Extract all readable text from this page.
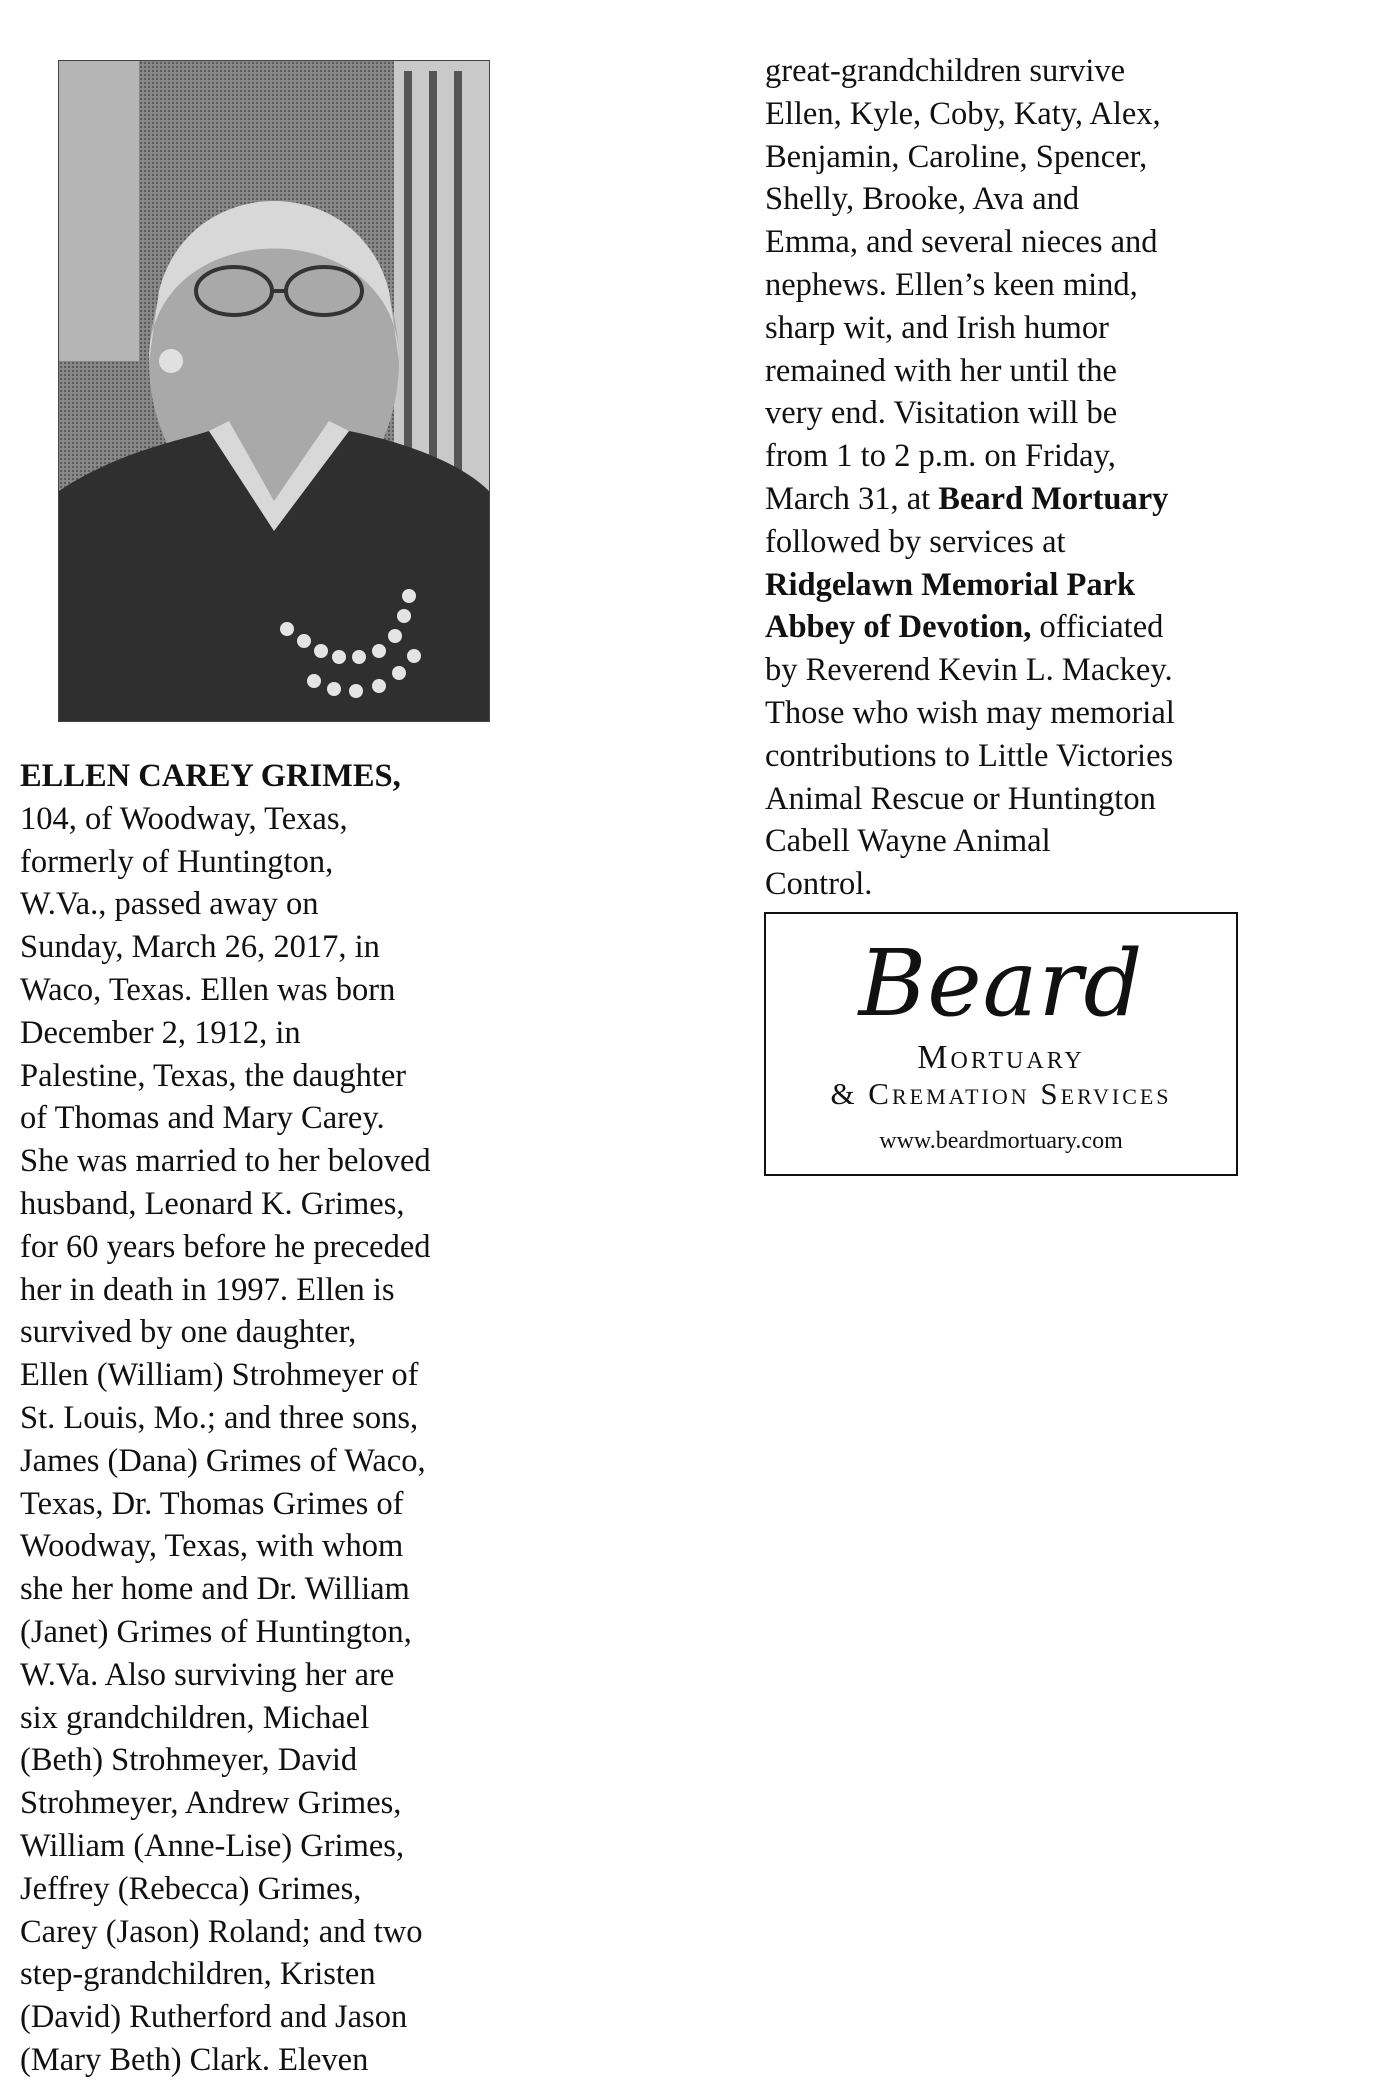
ELLEN CAREY GRIMES,
104, of Woodway, Texas,
formerly of Huntington,
W.Va., passed away on
Sunday, March 26, 2017, in
Waco, Texas. Ellen was born
December 2, 1912, in
Palestine, Texas, the daughter
of Thomas and Mary Carey.
She was married to her beloved
husband, Leonard K. Grimes,
for 60 years before he preceded
her in death in 1997. Ellen is
survived by one daughter,
Ellen (William) Strohmeyer of
St. Louis, Mo.; and three sons,
James (Dana) Grimes of Waco,
Texas, Dr. Thomas Grimes of
Woodway, Texas, with whom
she her home and Dr. William
(Janet) Grimes of Huntington,
W.Va. Also surviving her are
six grandchildren, Michael
(Beth) Strohmeyer, David
Strohmeyer, Andrew Grimes,
William (Anne-Lise) Grimes,
Jeffrey (Rebecca) Grimes,
Carey (Jason) Roland; and two
step-grandchildren, Kristen
(David) Rutherford and Jason
(Mary Beth) Clark. Eleven
great-grandchildren survive
Ellen, Kyle, Coby, Katy, Alex,
Benjamin, Caroline, Spencer,
Shelly, Brooke, Ava and
Emma, and several nieces and
nephews. Ellen’s keen mind,
sharp wit, and Irish humor
remained with her until the
very end. Visitation will be
from 1 to 2 p.m. on Friday,
March 31, at Beard Mortuary
followed by services at
Ridgelawn Memorial Park
Abbey of Devotion, officiated
by Reverend Kevin L. Mackey.
Those who wish may memorial
contributions to Little Victories
Animal Rescue or Huntington
Cabell Wayne Animal
Control.
Beard
Mortuary
& Cremation Services
www.beardmortuary.com
